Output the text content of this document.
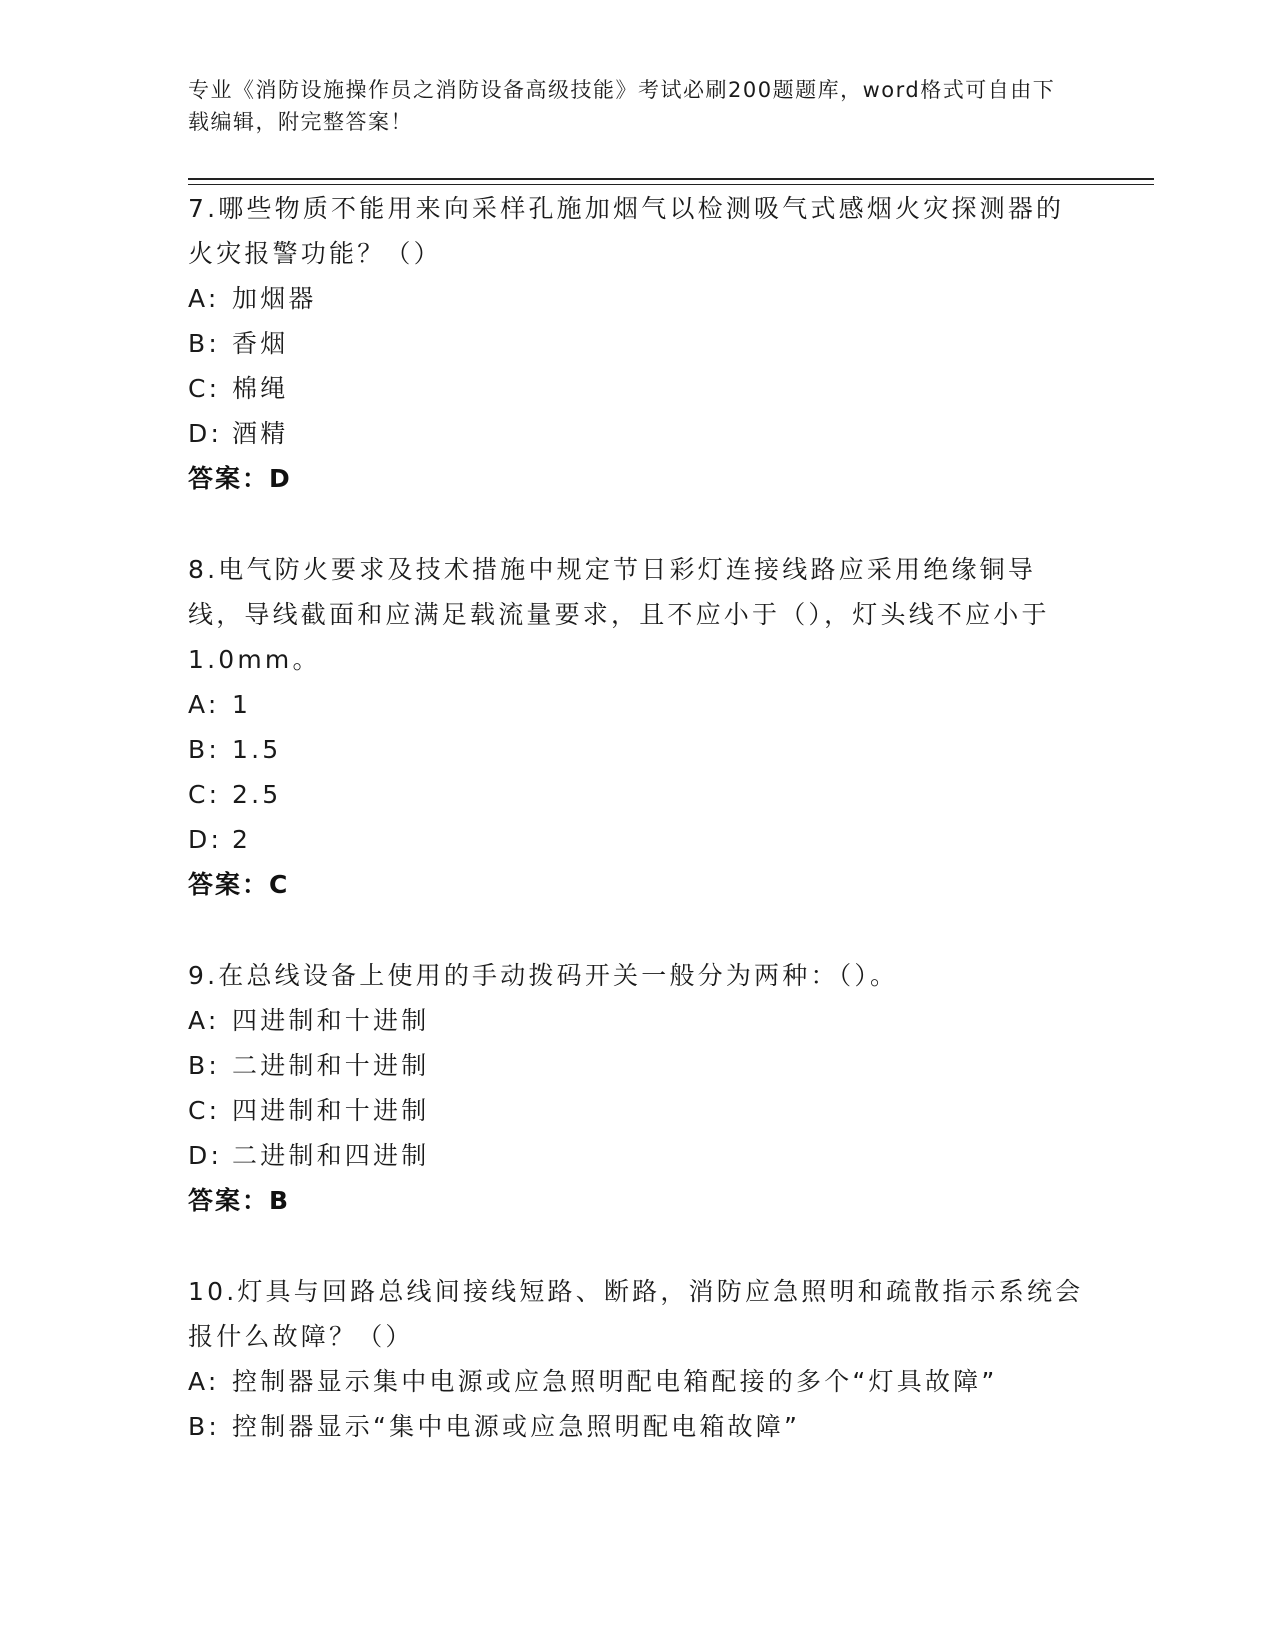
专业《消防设施操作员之消防设备高级技能》考试必刷200题题库，word格式可自由下载编辑，附完整答案！

7.哪些物质不能用来向采样孔施加烟气以检测吸气式感烟火灾探测器的火灾报警功能？（）

A: 加烟器

B: 香烟

C: 棉绳

D: 酒精

答案：D

8.电气防火要求及技术措施中规定节日彩灯连接线路应采用绝缘铜导线，导线截面和应满足载流量要求，且不应小于（），灯头线不应小于1.0mm。

A: 1

B: 1.5

C: 2.5

D: 2

答案：C

9.在总线设备上使用的手动拨码开关一般分为两种：（）。

A: 四进制和十进制

B: 二进制和十进制

C: 四进制和十进制

D: 二进制和四进制

答案：B

10.灯具与回路总线间接线短路、断路，消防应急照明和疏散指示系统会报什么故障？（）

A: 控制器显示集中电源或应急照明配电箱配接的多个“灯具故障”

B: 控制器显示“集中电源或应急照明配电箱故障”
